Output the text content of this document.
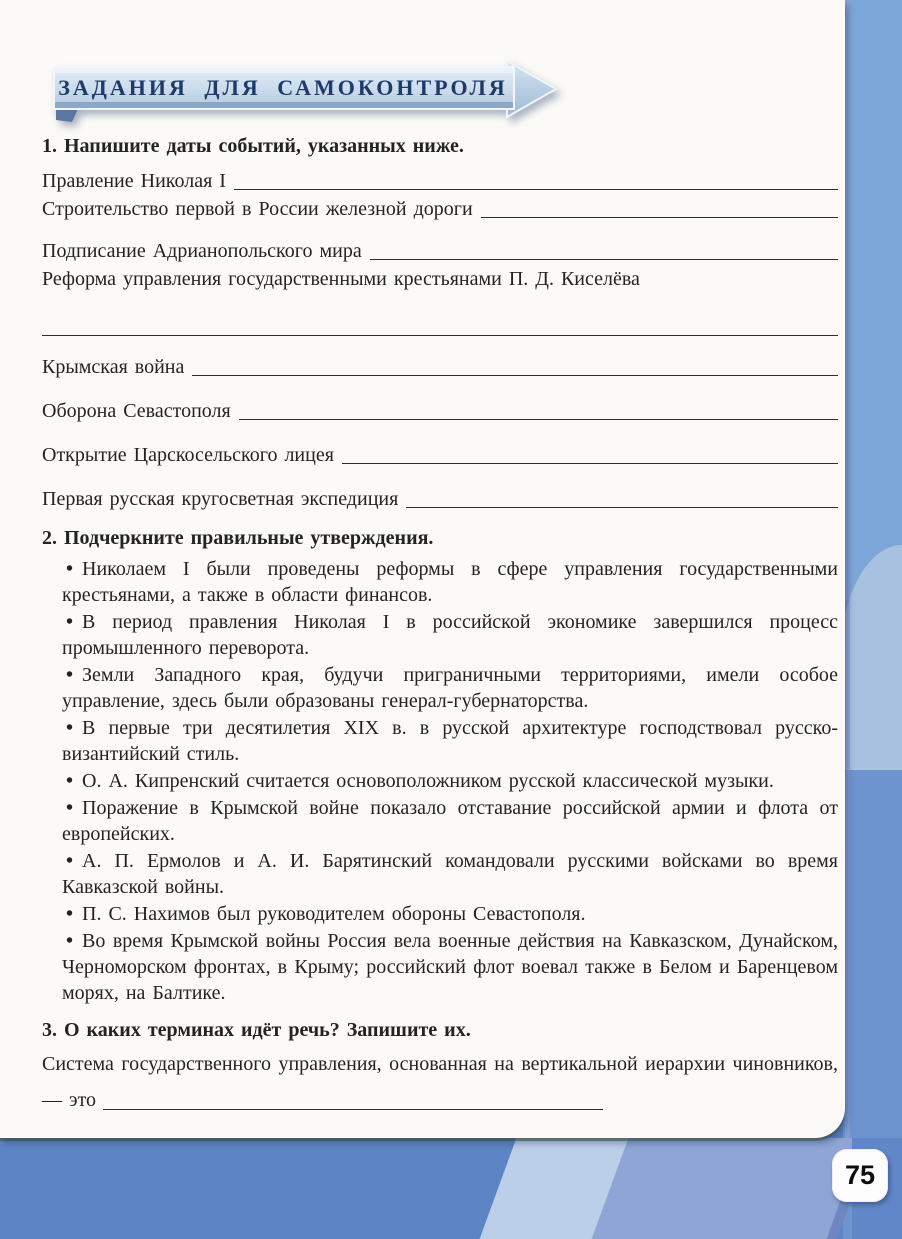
ЗАДАНИЯ ДЛЯ САМОКОНТРОЛЯ

1. Напишите даты событий, указанных ниже.

Правление Николая I
Строительство первой в России железной дороги
Подписание Адрианопольского мира
Реформа управления государственными крестьянами П. Д. Киселёва
Крымская война
Оборона Севастополя
Открытие Царскосельского лицея
Первая русская кругосветная экспедиция

2. Подчеркните правильные утверждения.

• Николаем I были проведены реформы в сфере управления государственными крестьянами, а также в области финансов.

• В период правления Николая I в российской экономике завершился процесс промышленного переворота.

• Земли Западного края, будучи приграничными территориями, имели особое управление, здесь были образованы генерал-губернаторства.

• В первые три десятилетия XIX в. в русской архитектуре господствовал русско-византийский стиль.

• О. А. Кипренский считается основоположником русской классической музыки.

• Поражение в Крымской войне показало отставание российской армии и флота от европейских.

• А. П. Ермолов и А. И. Барятинский командовали русскими войсками во время Кавказской войны.

• П. С. Нахимов был руководителем обороны Севастополя.

• Во время Крымской войны Россия вела военные действия на Кавказском, Дунайском, Черноморском фронтах, в Крыму; российский флот воевал также в Белом и Баренцевом морях, на Балтике.

3. О каких терминах идёт речь? Запишите их.

Система государственного управления, основанная на вертикальной иерархии чиновников, — это

75
